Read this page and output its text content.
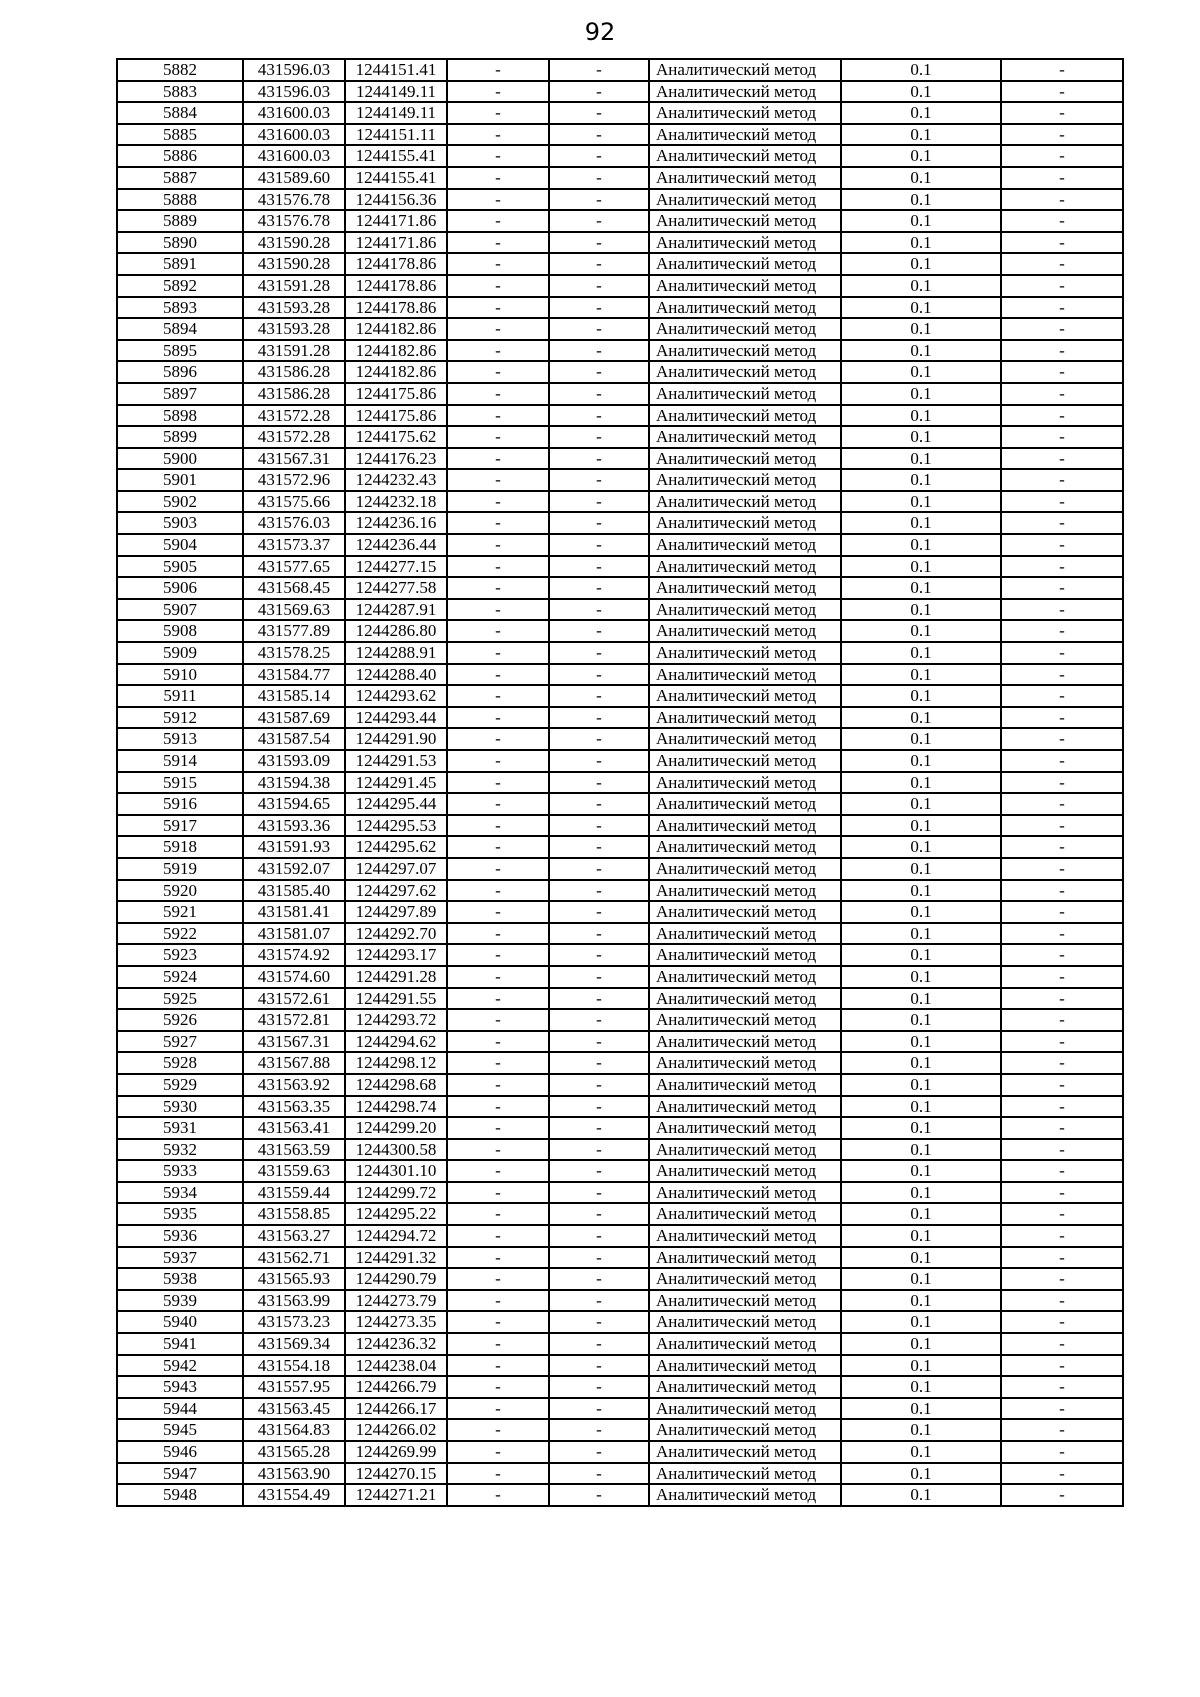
92
5882	431596.03	1244151.41	-	-	Аналитический метод	0.1	-
5883	431596.03	1244149.11	-	-	Аналитический метод	0.1	-
5884	431600.03	1244149.11	-	-	Аналитический метод	0.1	-
5885	431600.03	1244151.11	-	-	Аналитический метод	0.1	-
5886	431600.03	1244155.41	-	-	Аналитический метод	0.1	-
5887	431589.60	1244155.41	-	-	Аналитический метод	0.1	-
5888	431576.78	1244156.36	-	-	Аналитический метод	0.1	-
5889	431576.78	1244171.86	-	-	Аналитический метод	0.1	-
5890	431590.28	1244171.86	-	-	Аналитический метод	0.1	-
5891	431590.28	1244178.86	-	-	Аналитический метод	0.1	-
5892	431591.28	1244178.86	-	-	Аналитический метод	0.1	-
5893	431593.28	1244178.86	-	-	Аналитический метод	0.1	-
5894	431593.28	1244182.86	-	-	Аналитический метод	0.1	-
5895	431591.28	1244182.86	-	-	Аналитический метод	0.1	-
5896	431586.28	1244182.86	-	-	Аналитический метод	0.1	-
5897	431586.28	1244175.86	-	-	Аналитический метод	0.1	-
5898	431572.28	1244175.86	-	-	Аналитический метод	0.1	-
5899	431572.28	1244175.62	-	-	Аналитический метод	0.1	-
5900	431567.31	1244176.23	-	-	Аналитический метод	0.1	-
5901	431572.96	1244232.43	-	-	Аналитический метод	0.1	-
5902	431575.66	1244232.18	-	-	Аналитический метод	0.1	-
5903	431576.03	1244236.16	-	-	Аналитический метод	0.1	-
5904	431573.37	1244236.44	-	-	Аналитический метод	0.1	-
5905	431577.65	1244277.15	-	-	Аналитический метод	0.1	-
5906	431568.45	1244277.58	-	-	Аналитический метод	0.1	-
5907	431569.63	1244287.91	-	-	Аналитический метод	0.1	-
5908	431577.89	1244286.80	-	-	Аналитический метод	0.1	-
5909	431578.25	1244288.91	-	-	Аналитический метод	0.1	-
5910	431584.77	1244288.40	-	-	Аналитический метод	0.1	-
5911	431585.14	1244293.62	-	-	Аналитический метод	0.1	-
5912	431587.69	1244293.44	-	-	Аналитический метод	0.1	-
5913	431587.54	1244291.90	-	-	Аналитический метод	0.1	-
5914	431593.09	1244291.53	-	-	Аналитический метод	0.1	-
5915	431594.38	1244291.45	-	-	Аналитический метод	0.1	-
5916	431594.65	1244295.44	-	-	Аналитический метод	0.1	-
5917	431593.36	1244295.53	-	-	Аналитический метод	0.1	-
5918	431591.93	1244295.62	-	-	Аналитический метод	0.1	-
5919	431592.07	1244297.07	-	-	Аналитический метод	0.1	-
5920	431585.40	1244297.62	-	-	Аналитический метод	0.1	-
5921	431581.41	1244297.89	-	-	Аналитический метод	0.1	-
5922	431581.07	1244292.70	-	-	Аналитический метод	0.1	-
5923	431574.92	1244293.17	-	-	Аналитический метод	0.1	-
5924	431574.60	1244291.28	-	-	Аналитический метод	0.1	-
5925	431572.61	1244291.55	-	-	Аналитический метод	0.1	-
5926	431572.81	1244293.72	-	-	Аналитический метод	0.1	-
5927	431567.31	1244294.62	-	-	Аналитический метод	0.1	-
5928	431567.88	1244298.12	-	-	Аналитический метод	0.1	-
5929	431563.92	1244298.68	-	-	Аналитический метод	0.1	-
5930	431563.35	1244298.74	-	-	Аналитический метод	0.1	-
5931	431563.41	1244299.20	-	-	Аналитический метод	0.1	-
5932	431563.59	1244300.58	-	-	Аналитический метод	0.1	-
5933	431559.63	1244301.10	-	-	Аналитический метод	0.1	-
5934	431559.44	1244299.72	-	-	Аналитический метод	0.1	-
5935	431558.85	1244295.22	-	-	Аналитический метод	0.1	-
5936	431563.27	1244294.72	-	-	Аналитический метод	0.1	-
5937	431562.71	1244291.32	-	-	Аналитический метод	0.1	-
5938	431565.93	1244290.79	-	-	Аналитический метод	0.1	-
5939	431563.99	1244273.79	-	-	Аналитический метод	0.1	-
5940	431573.23	1244273.35	-	-	Аналитический метод	0.1	-
5941	431569.34	1244236.32	-	-	Аналитический метод	0.1	-
5942	431554.18	1244238.04	-	-	Аналитический метод	0.1	-
5943	431557.95	1244266.79	-	-	Аналитический метод	0.1	-
5944	431563.45	1244266.17	-	-	Аналитический метод	0.1	-
5945	431564.83	1244266.02	-	-	Аналитический метод	0.1	-
5946	431565.28	1244269.99	-	-	Аналитический метод	0.1	-
5947	431563.90	1244270.15	-	-	Аналитический метод	0.1	-
5948	431554.49	1244271.21	-	-	Аналитический метод	0.1	-
